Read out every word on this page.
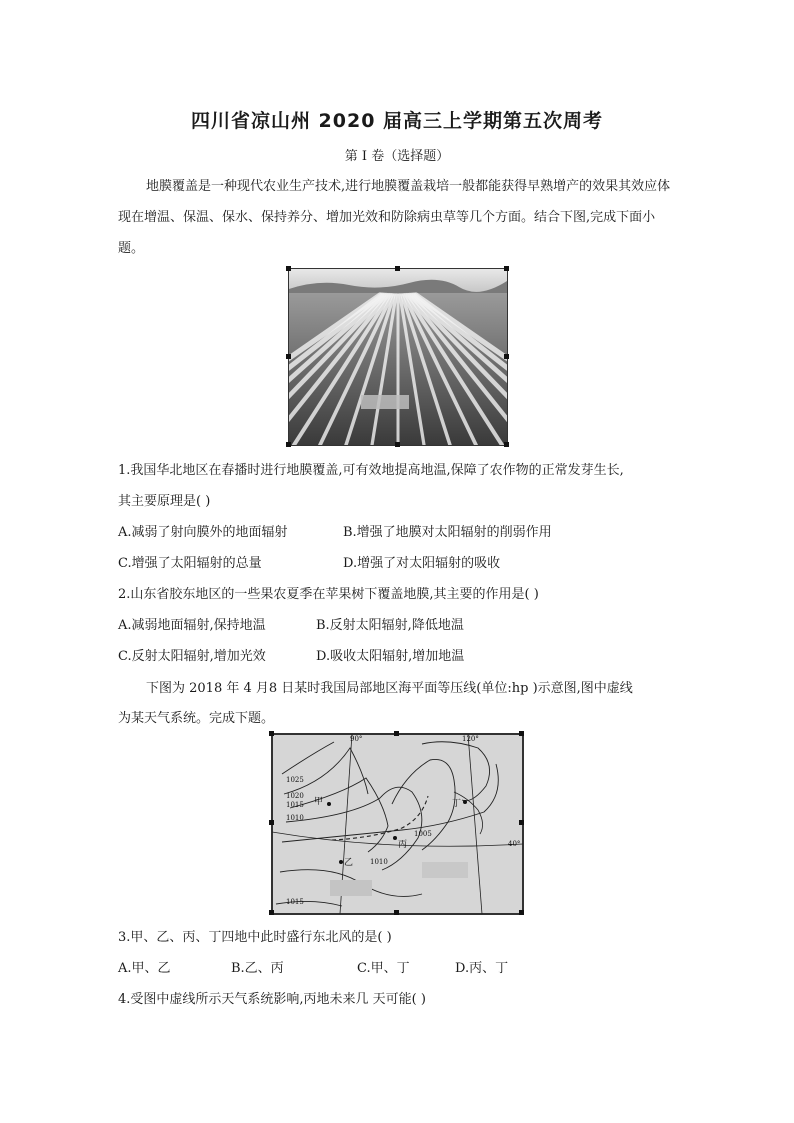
四川省凉山州 2020 届高三上学期第五次周考
第 I 卷（选择题）

地膜覆盖是一种现代农业生产技术,进行地膜覆盖栽培一般都能获得早熟增产的效果其效应体现在增温、保温、保水、保持养分、增加光效和防除病虫草等几个方面。结合下图,完成下面小题。

1.我国华北地区在春播时进行地膜覆盖,可有效地提高地温,保障了农作物的正常发芽生长,
其主要原理是( )
A.减弱了射向膜外的地面辐射	B.增强了地膜对太阳辐射的削弱作用
C.增强了太阳辐射的总量	D.增强了对太阳辐射的吸收
2.山东省胶东地区的一些果农夏季在苹果树下覆盖地膜,其主要的作用是( )
A.减弱地面辐射,保持地温	B.反射太阳辐射,降低地温
C.反射太阳辐射,增加光效	D.吸收太阳辐射,增加地温
下图为 2018 年 4 月8 日某时我国局部地区海平面等压线(单位:hp )示意图,图中虚线
为某天气系统。完成下题。
90°	120°
40°
1025
1020
1015
1010
1005
1010
1015
甲
乙
丙
丁
3.甲、乙、丙、丁四地中此时盛行东北风的是( )
A.甲、乙	B.乙、丙	C.甲、丁	D.丙、丁
4.受图中虚线所示天气系统影响,丙地未来几 天可能( )
